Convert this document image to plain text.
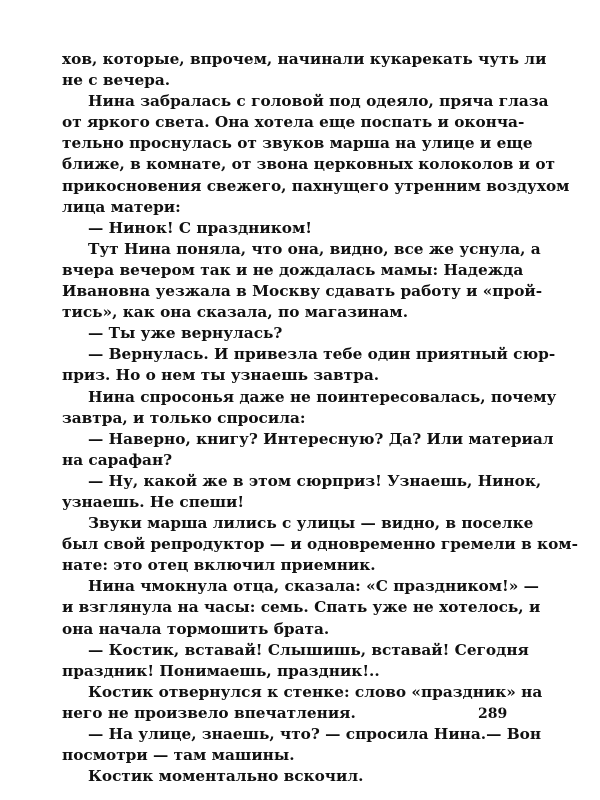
хов, которые, впрочем, начинали кукарекать чуть ли
не с вечера.
Нина забралась с головой под одеяло, пряча глаза
от яркого света. Она хотела еще поспать и оконча-
тельно проснулась от звуков марша на улице и еще
ближе, в комнате, от звона церковных колоколов и от
прикосновения свежего, пахнущего утренним воздухом
лица матери:
— Нинок! С праздником!
Тут Нина поняла, что она, видно, все же уснула, а
вчера вечером так и не дождалась мамы: Надежда
Ивановна уезжала в Москву сдавать работу и «прой-
тись», как она сказала, по магазинам.
— Ты уже вернулась?
— Вернулась. И привезла тебе один приятный сюр-
приз. Но о нем ты узнаешь завтра.
Нина спросонья даже не поинтересовалась, почему
завтра, и только спросила:
— Наверно, книгу? Интересную? Да? Или материал
на сарафан?
— Ну, какой же в этом сюрприз! Узнаешь, Нинок,
узнаешь. Не спеши!
Звуки марша лились с улицы — видно, в поселке
был свой репродуктор — и одновременно гремели в ком-
нате: это отец включил приемник.
Нина чмокнула отца, сказала: «С праздником!» —
и взглянула на часы: семь. Спать уже не хотелось, и
она начала тормошить брата.
— Костик, вставай! Слышишь, вставай! Сегодня
праздник! Понимаешь, праздник!..
Костик отвернулся к стенке: слово «праздник» на
него не произвело впечатления.
— На улице, знаешь, что? — спросила Нина.— Вон
посмотри — там машины.
Костик моментально вскочил.
289
